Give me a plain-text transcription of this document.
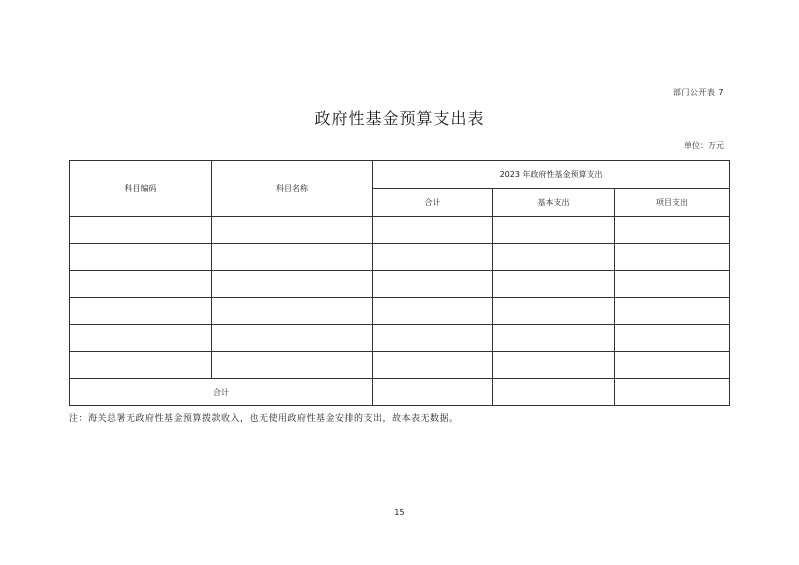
部门公开表 7
政府性基金预算支出表
单位：万元
科目编码	科目名称	2023 年政府性基金预算支出		
		合计	基本支出	项目支出

合计				
注：海关总署无政府性基金预算拨款收入，也无使用政府性基金安排的支出，故本表无数据。
15
